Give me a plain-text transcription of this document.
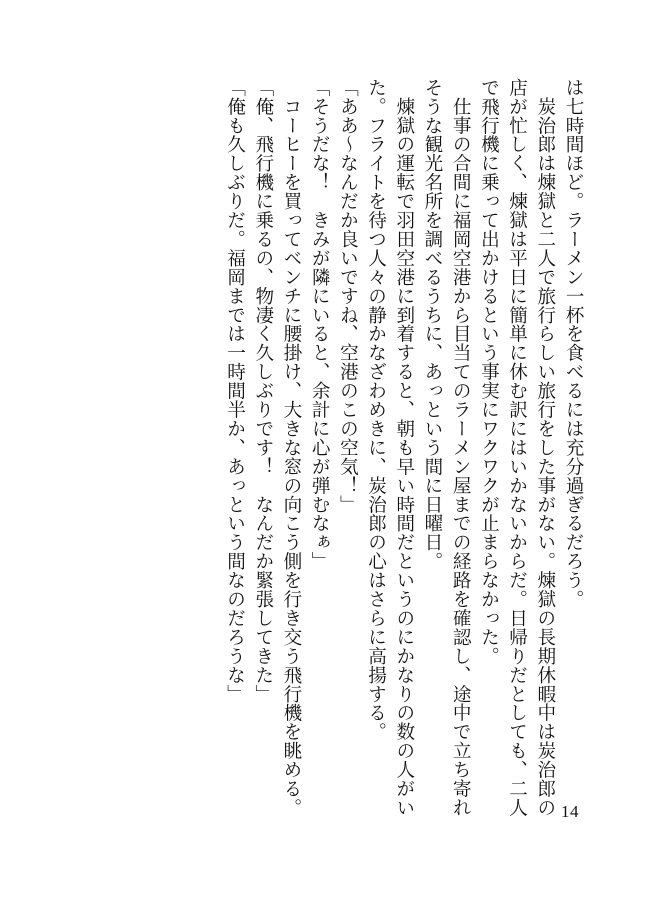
は七時間ほど。ラーメン一杯を食べるには充分過ぎるだろう。
　炭治郎は煉獄と二人で旅行らしい旅行をした事がない。煉獄の長期休暇中は炭治郎の
店が忙しく、煉獄は平日に簡単に休む訳にはいかないからだ。日帰りだとしても、二人
で飛行機に乗って出かけるという事実にワクワクが止まらなかった。
　仕事の合間に福岡空港から目当てのラーメン屋までの経路を確認し、途中で立ち寄れ
そうな観光名所を調べるうちに、あっという間に日曜日。
　煉獄の運転で羽田空港に到着すると、朝も早い時間だというのにかなりの数の人がい
た。フライトを待つ人々の静かなざわめきに、炭治郎の心はさらに高揚する。
「ああ～なんだか良いですね、空港のこの空気！」
「そうだな！　きみが隣にいると、余計に心が弾むなぁ」
　コーヒーを買ってベンチに腰掛け、大きな窓の向こう側を行き交う飛行機を眺める。
「俺、飛行機に乗るの、物凄く久しぶりです！　なんだか緊張してきた」
「俺も久しぶりだ。福岡までは一時間半か、あっという間なのだろうな」
14
